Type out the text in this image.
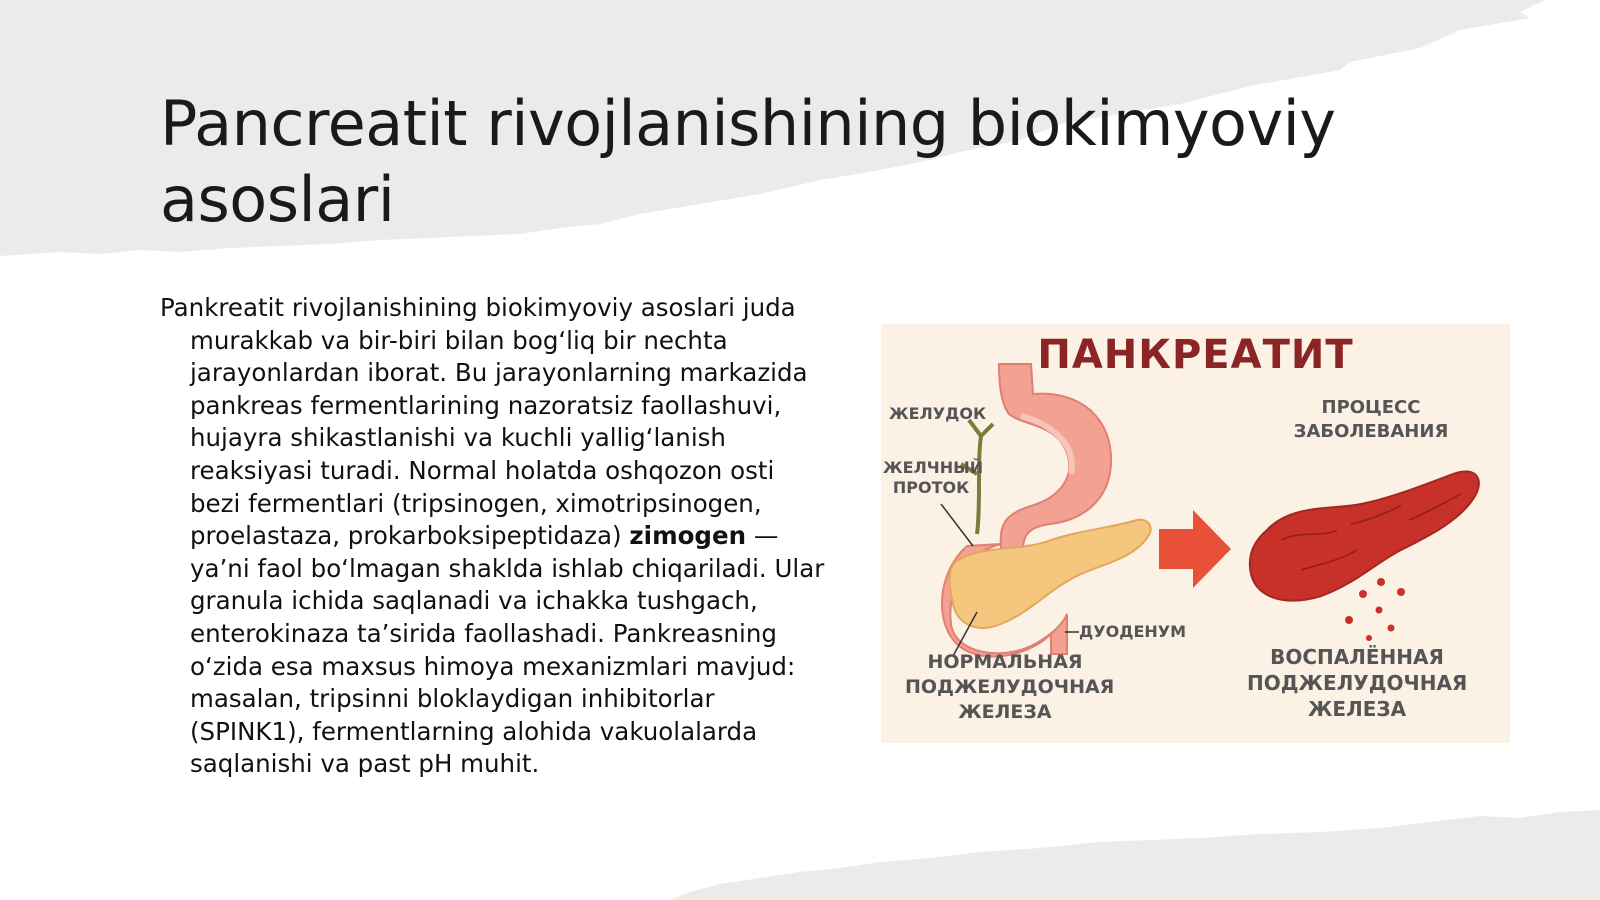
Pancreatit rivojlanishining biokimyoviy asoslari

Pankreatit rivojlanishining biokimyoviy asoslari juda murakkab va bir-biri bilan bog‘liq bir nechta jarayonlardan iborat. Bu jarayonlarning markazida pankreas fermentlarining nazoratsiz faollashuvi, hujayra shikastlanishi va kuchli yallig‘lanish reaksiyasi turadi. Normal holatda oshqozon osti bezi fermentlari (tripsinogen, ximotripsinogen, proelastaza, prokarboksipeptidaza) zimogen — ya’ni faol bo‘lmagan shaklda ishlab chiqariladi. Ular granula ichida saqlanadi va ichakka tushgach, enterokinaza ta’sirida faollashadi. Pankreasning o‘zida esa maxsus himoya mexanizmlari mavjud: masalan, tripsinni bloklaydigan inhibitorlar (SPINK1), fermentlarning alohida vakuolalarda saqlanishi va past pH muhit.

ПАНКРЕАТИТ
ЖЕЛУДОК
ЖЕЛЧНЫЙ
ПРОТОК
ДУОДЕНУМ
ПРОЦЕСС
ЗАБОЛЕВАНИЯ
НОРМАЛЬНАЯ
ПОДЖЕЛУДОЧНАЯ
ЖЕЛЕЗА
ВОСПАЛЁННАЯ
ПОДЖЕЛУДОЧНАЯ
ЖЕЛЕЗА
